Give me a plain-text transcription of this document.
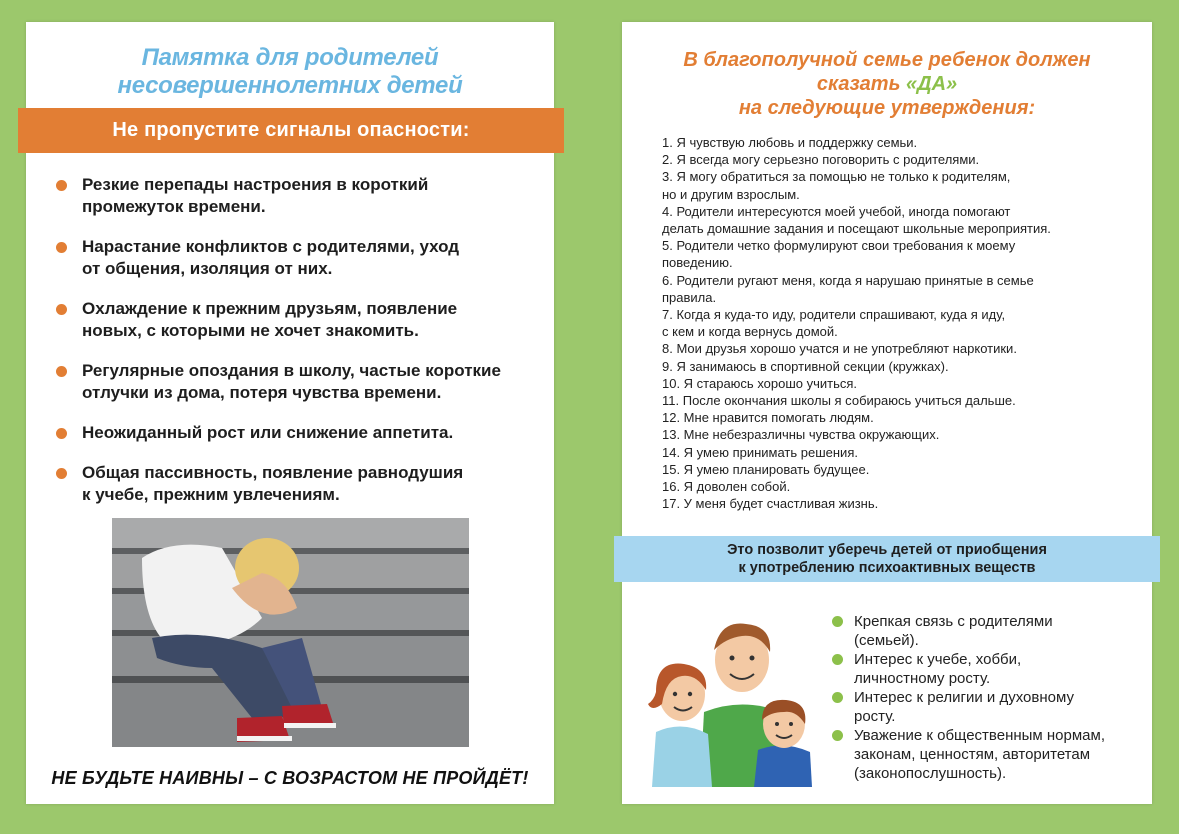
Памятка для родителей
несовершеннолетних детей
Не пропустите сигналы опасности:
Резкие перепады настроения в короткий
промежуток времени.
Нарастание конфликтов с родителями, уход
от общения, изоляция от них.
Охлаждение к прежним друзьям, появление
новых, с которыми не хочет знакомить.
Регулярные опоздания в школу, частые короткие
отлучки из дома, потеря чувства времени.
Неожиданный рост или снижение аппетита.
Общая пассивность, появление равнодушия
к учебе, прежним увлечениям.
НЕ БУДЬТЕ НАИВНЫ – С ВОЗРАСТОМ НЕ ПРОЙДЁТ!
В благополучной семье ребенок должен
сказать «ДА»
на следующие утверждения:
1. Я чувствую любовь и поддержку семьи.
2. Я всегда могу серьезно поговорить с родителями.
3. Я могу обратиться за помощью не только к родителям,
но и другим взрослым.
4. Родители интересуются моей учебой, иногда помогают
делать домашние задания и посещают школьные мероприятия.
5. Родители четко формулируют свои требования к моему
поведению.
6. Родители ругают меня, когда я нарушаю принятые в семье
правила.
7. Когда я куда-то иду, родители спрашивают, куда я иду,
с кем и когда вернусь домой.
8. Мои друзья хорошо учатся и не употребляют наркотики.
9. Я занимаюсь в спортивной секции (кружках).
10. Я стараюсь хорошо учиться.
11. После окончания школы я собираюсь учиться дальше.
12. Мне нравится помогать людям.
13. Мне небезразличны чувства окружающих.
14. Я умею принимать решения.
15. Я умею планировать будущее.
16. Я доволен собой.
17. У меня будет счастливая жизнь.
Это позволит уберечь детей от приобщения
к употреблению психоактивных веществ
Крепкая связь с родителями
(семьей).
Интерес к учебе, хобби,
личностному росту.
Интерес к религии и духовному
росту.
Уважение к общественным нормам,
законам, ценностям, авторитетам
(законопослушность).
